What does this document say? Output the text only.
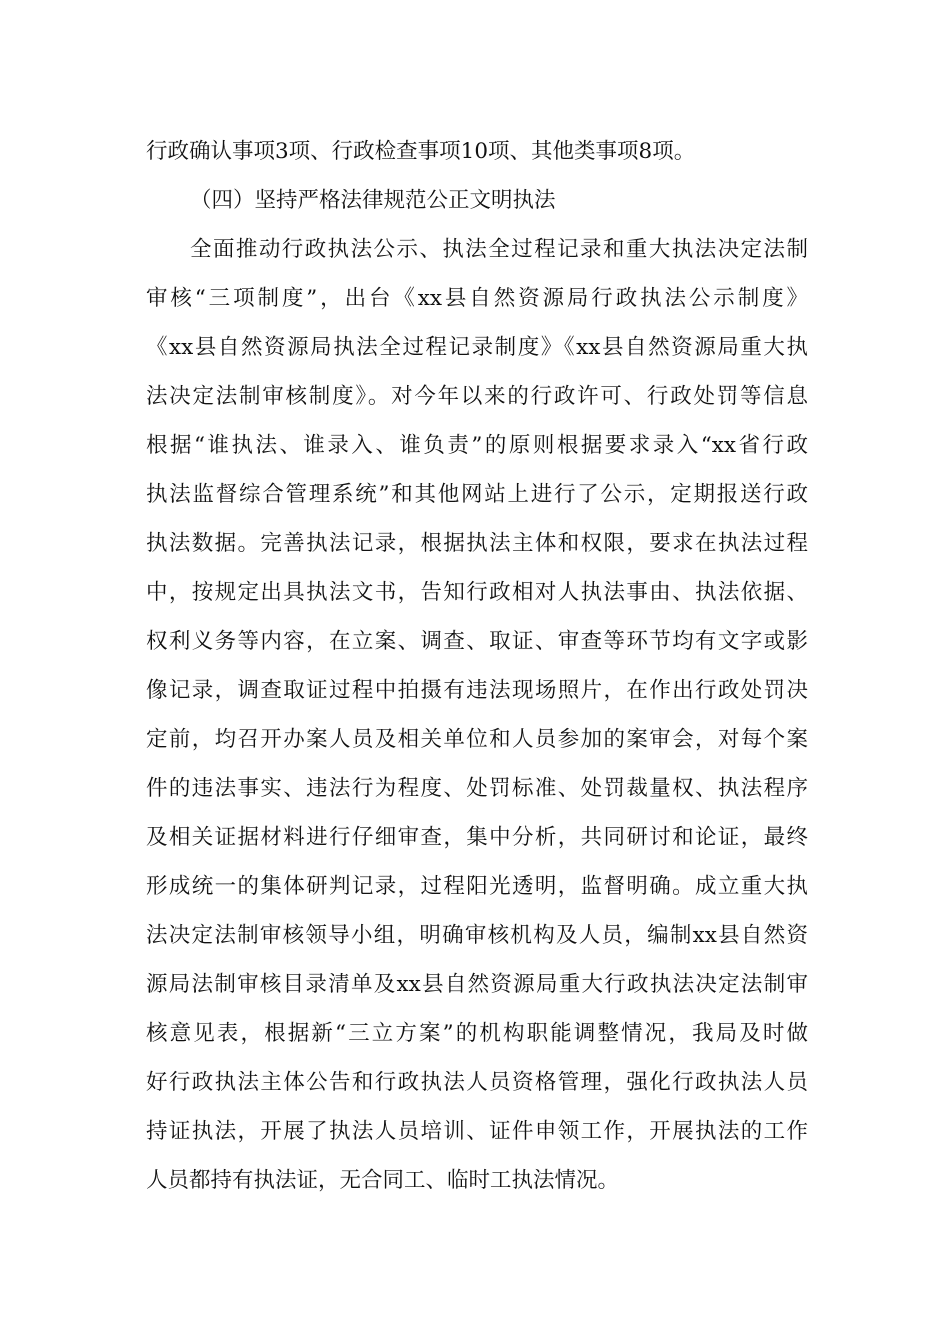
行政确认事项3项、行政检查事项10项、其他类事项8项。
（四）坚持严格法律规范公正文明执法
全面推动行政执法公示、执法全过程记录和重大执法决定法制
审核“三项制度”，出台《xx县自然资源局行政执法公示制度》
《xx县自然资源局执法全过程记录制度》《xx县自然资源局重大执
法决定法制审核制度》。对今年以来的行政许可、行政处罚等信息
根据“谁执法、谁录入、谁负责”的原则根据要求录入“xx省行政
执法监督综合管理系统”和其他网站上进行了公示，定期报送行政
执法数据。完善执法记录，根据执法主体和权限，要求在执法过程
中，按规定出具执法文书，告知行政相对人执法事由、执法依据、
权利义务等内容，在立案、调查、取证、审查等环节均有文字或影
像记录，调查取证过程中拍摄有违法现场照片，在作出行政处罚决
定前，均召开办案人员及相关单位和人员参加的案审会，对每个案
件的违法事实、违法行为程度、处罚标准、处罚裁量权、执法程序
及相关证据材料进行仔细审查，集中分析，共同研讨和论证，最终
形成统一的集体研判记录，过程阳光透明，监督明确。成立重大执
法决定法制审核领导小组，明确审核机构及人员，编制xx县自然资
源局法制审核目录清单及xx县自然资源局重大行政执法决定法制审
核意见表，根据新“三立方案”的机构职能调整情况，我局及时做
好行政执法主体公告和行政执法人员资格管理，强化行政执法人员
持证执法，开展了执法人员培训、证件申领工作，开展执法的工作
人员都持有执法证，无合同工、临时工执法情况。
